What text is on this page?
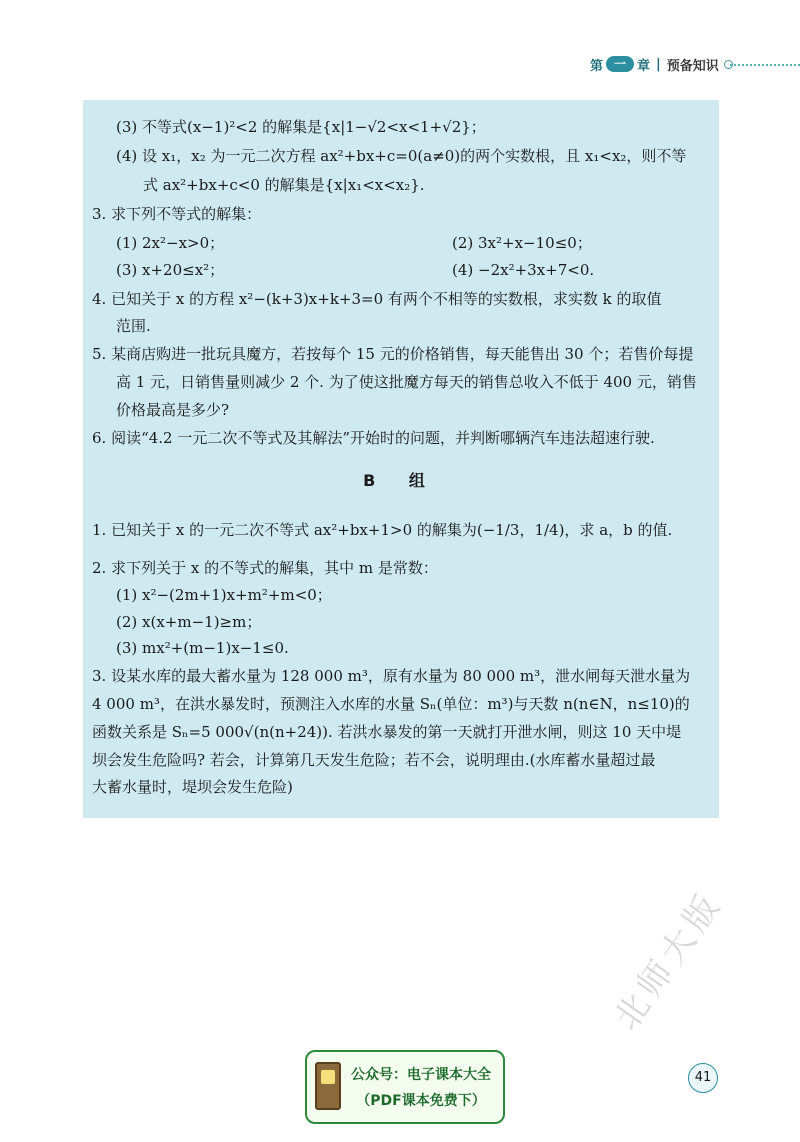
第 一 章 | 预备知识
(3) 不等式(x−1)²<2 的解集是{x|1−√2<x<1+√2}；
(4) 设 x₁，x₂ 为一元二次方程 ax²+bx+c=0(a≠0)的两个实数根，且 x₁<x₂，则不等
式 ax²+bx+c<0 的解集是{x|x₁<x<x₂}.
3. 求下列不等式的解集：
(1) 2x²−x>0；	(2) 3x²+x−10≤0；
(3) x+20≤x²；	(4) −2x²+3x+7<0.
4. 已知关于 x 的方程 x²−(k+3)x+k+3=0 有两个不相等的实数根，求实数 k 的取值
范围.
5. 某商店购进一批玩具魔方，若按每个 15 元的价格销售，每天能售出 30 个；若售价每提
高 1 元，日销售量则减少 2 个. 为了使这批魔方每天的销售总收入不低于 400 元，销售
价格最高是多少?
6. 阅读“4.2 一元二次不等式及其解法”开始时的问题，并判断哪辆汽车违法超速行驶.
B 组
1. 已知关于 x 的一元二次不等式 ax²+bx+1>0 的解集为(−1/3，1/4)，求 a，b 的值.
2. 求下列关于 x 的不等式的解集，其中 m 是常数：
(1) x²−(2m+1)x+m²+m<0；
(2) x(x+m−1)≥m；
(3) mx²+(m−1)x−1≤0.
3. 设某水库的最大蓄水量为 128 000 m³，原有水量为 80 000 m³，泄水闸每天泄水量为
4 000 m³，在洪水暴发时，预测注入水库的水量 Sₙ(单位：m³)与天数 n(n∈N，n≤10)的
函数关系是 Sₙ=5 000√(n(n+24)). 若洪水暴发的第一天就打开泄水闸，则这 10 天中堤
坝会发生危险吗? 若会，计算第几天发生危险；若不会，说明理由.(水库蓄水量超过最
大蓄水量时，堤坝会发生危险)
北师大版
41
公众号：电子课本大全
（PDF课本免费下）
